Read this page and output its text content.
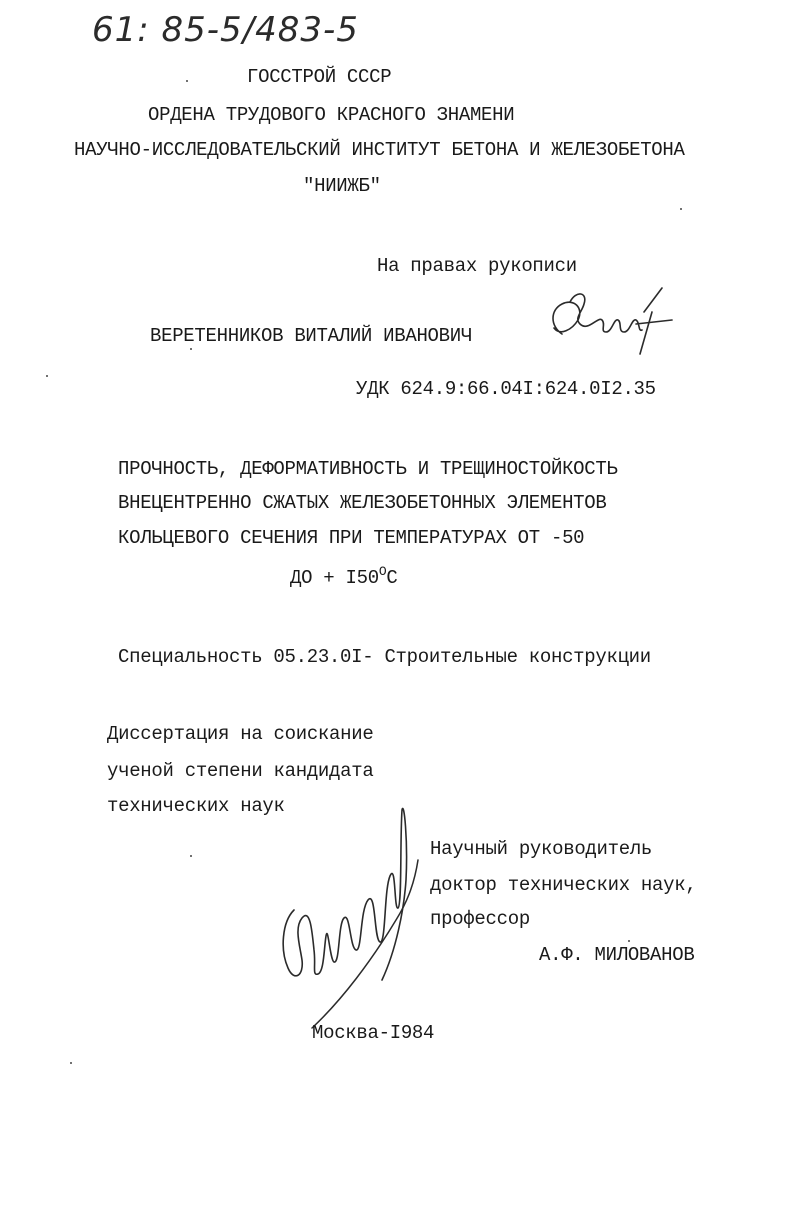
61: 85-5/483-5
ГОССТРОЙ СССР
ОРДЕНА ТРУДОВОГО КРАСНОГО ЗНАМЕНИ
НАУЧНО-ИССЛЕДОВАТЕЛЬСКИЙ ИНСТИТУТ БЕТОНА И ЖЕЛЕЗОБЕТОНА
"НИИЖБ"
На правах рукописи
ВЕРЕТЕННИКОВ ВИТАЛИЙ ИВАНОВИЧ
УДК 624.9:66.04I:624.0I2.35
ПРОЧНОСТЬ, ДЕФОРМАТИВНОСТЬ И ТРЕЩИНОСТОЙКОСТЬ
ВНЕЦЕНТРЕННО СЖАТЫХ ЖЕЛЕЗОБЕТОННЫХ ЭЛЕМЕНТОВ
КОЛЬЦЕВОГО СЕЧЕНИЯ ПРИ ТЕМПЕРАТУРАХ ОТ -50
ДО + $I50^ОС$
Специальность 05.23.0I- Строительные конструкции
Диссертация на соискание
ученой степени кандидата
технических наук
Научный руководитель
доктор технических наук,
профессор
А.Ф. МИЛОВАНОВ
Москва-I984
